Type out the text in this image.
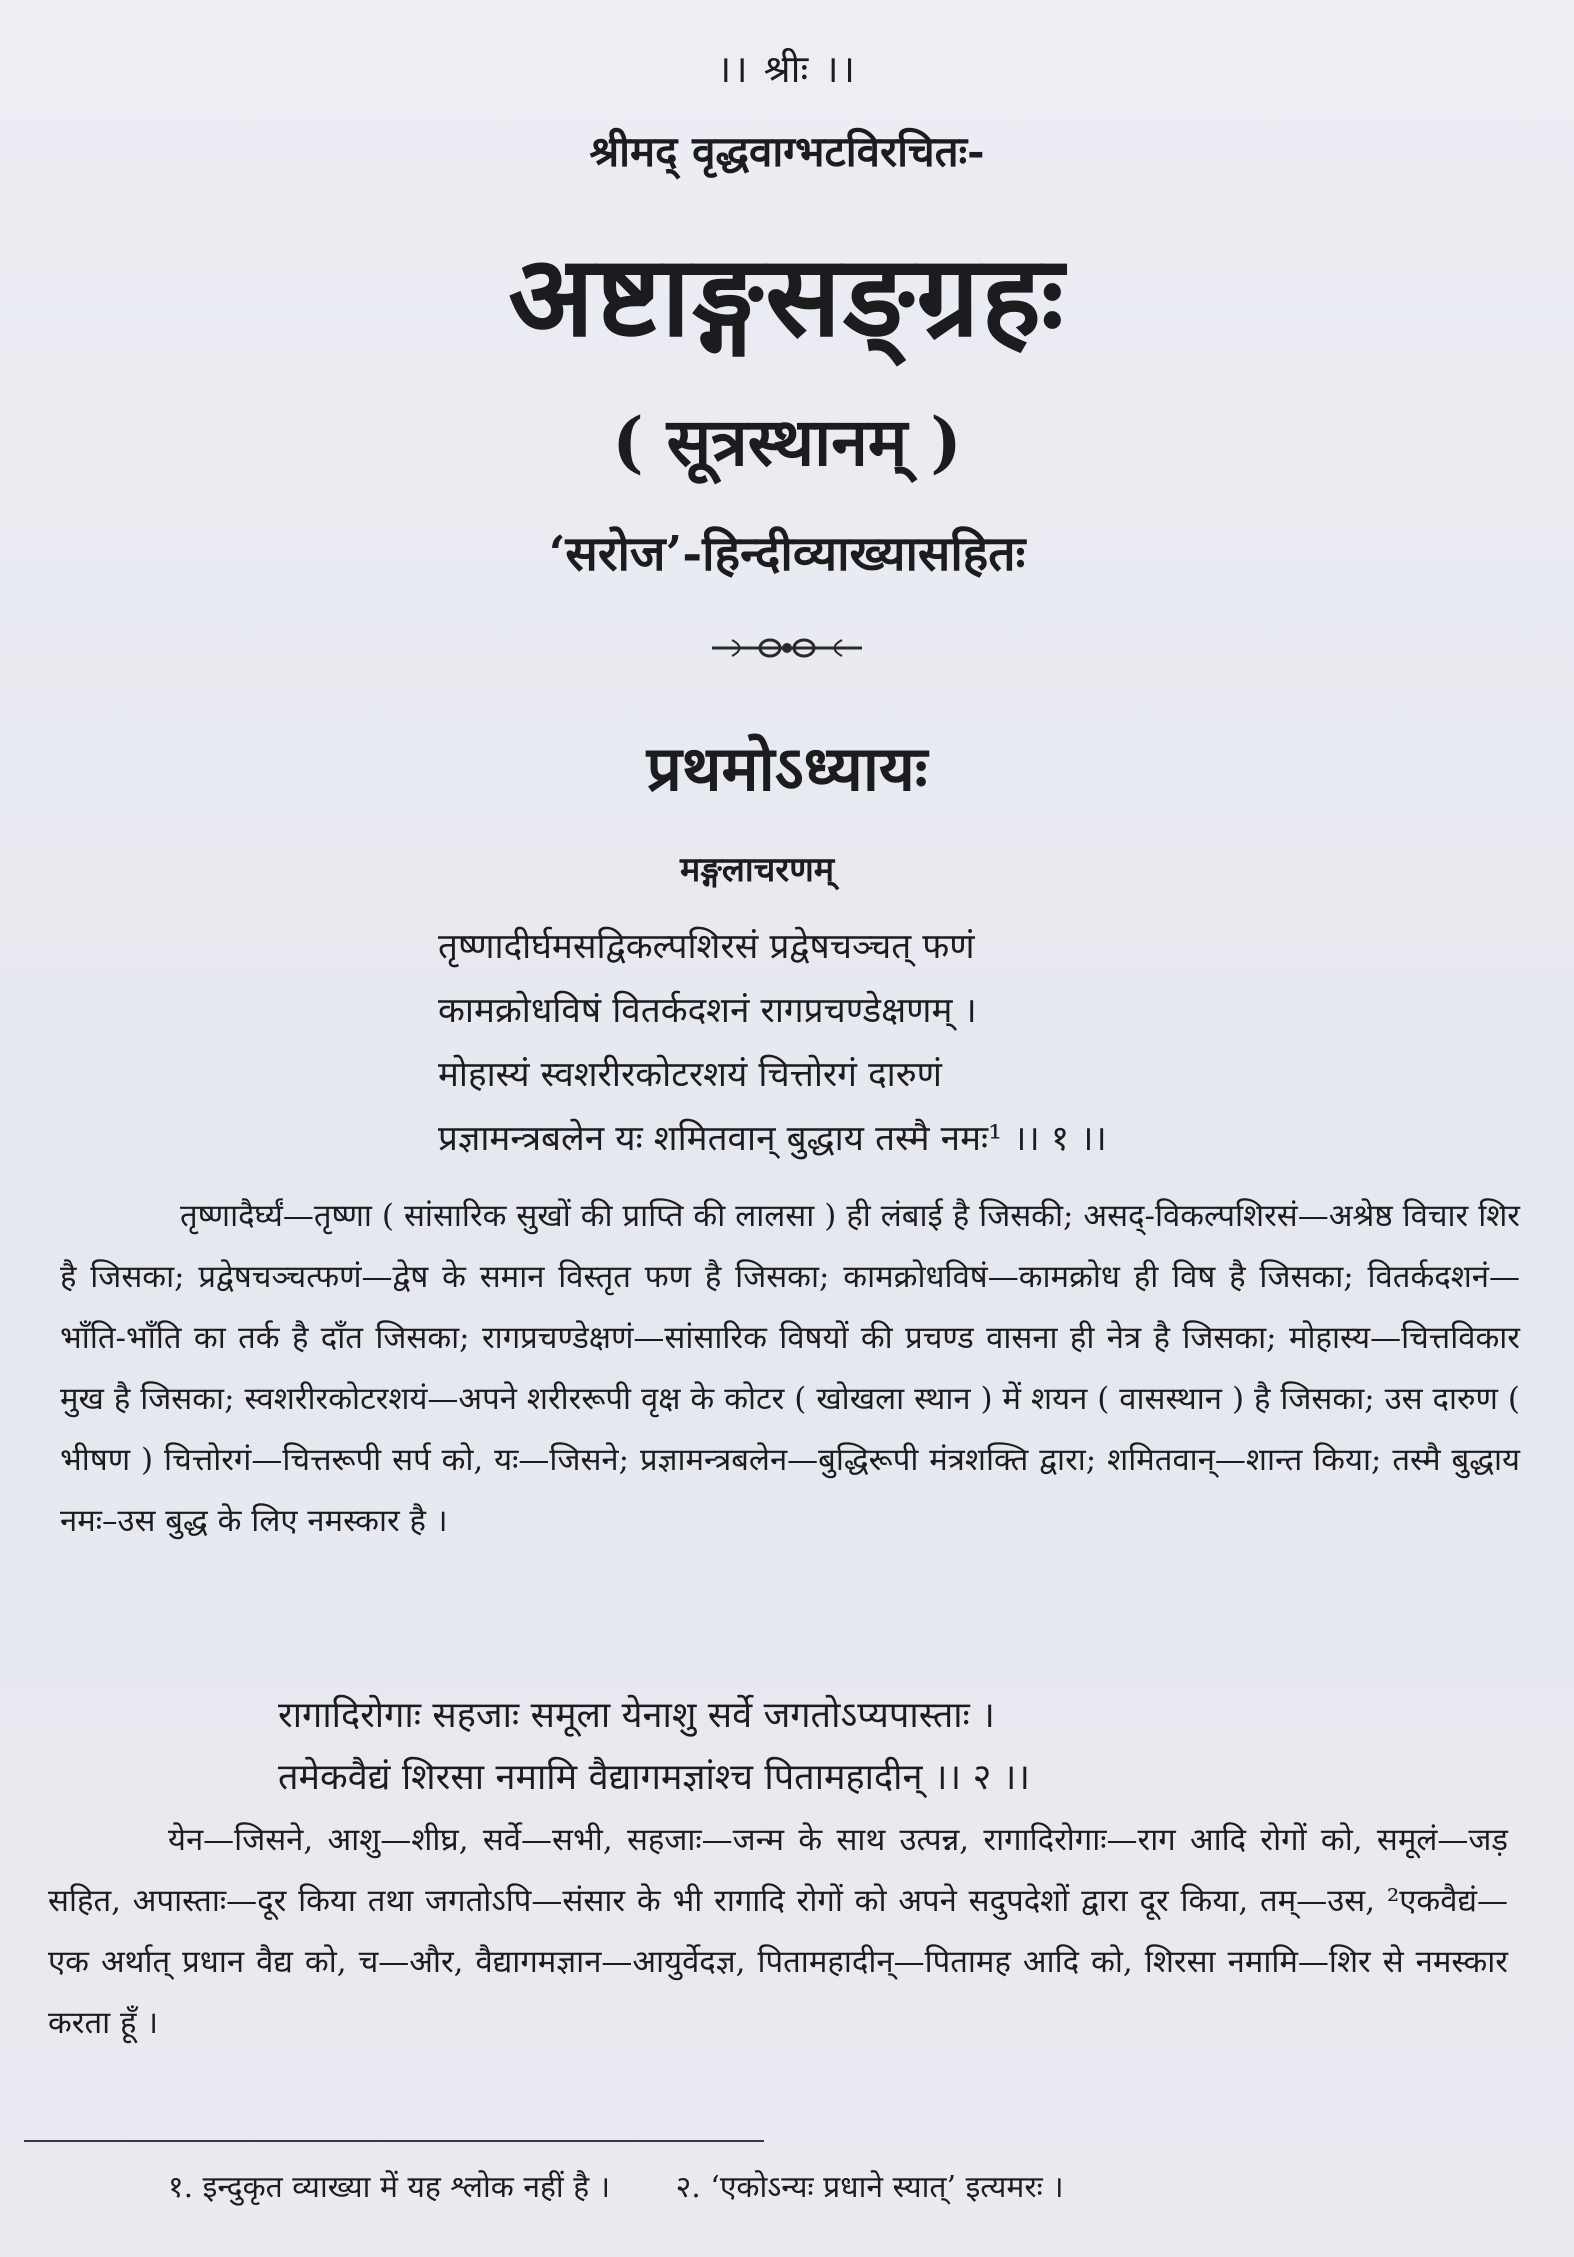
।। श्रीः ।।
श्रीमद् वृद्धवाग्भटविरचितः-
अष्टाङ्गसङ्ग्रहः
( सूत्रस्थानम् )
‘सरोज’-हिन्दीव्याख्यासहितः
प्रथमोऽध्यायः
मङ्गलाचरणम्
तृष्णादीर्घमसद्विकल्पशिरसं प्रद्वेषचञ्चत् फणं
कामक्रोधविषं वितर्कदशनं रागप्रचण्डेक्षणम् ।
मोहास्यं स्वशरीरकोटरशयं चित्तोरगं दारुणं
प्रज्ञामन्त्रबलेन यः शमितवान् बुद्धाय तस्मै नमः¹ ।। १ ।।
तृष्णादैर्घ्यं—तृष्णा ( सांसारिक सुखों की प्राप्ति की लालसा ) ही लंबाई है जिसकी; असद्-विकल्पशिरसं—अश्रेष्ठ विचार शिर है जिसका; प्रद्वेषचञ्चत्फणं—द्वेष के समान विस्तृत फण है जिसका; कामक्रोधविषं—कामक्रोध ही विष है जिसका; वितर्कदशनं—भाँति-भाँति का तर्क है दाँत जिसका; रागप्रचण्डेक्षणं—सांसारिक विषयों की प्रचण्ड वासना ही नेत्र है जिसका; मोहास्य—चित्तविकार मुख है जिसका; स्वशरीरकोटरशयं—अपने शरीररूपी वृक्ष के कोटर ( खोखला स्थान ) में शयन ( वासस्थान ) है जिसका; उस दारुण ( भीषण ) चित्तोरगं—चित्तरूपी सर्प को, यः—जिसने; प्रज्ञामन्त्रबलेन—बुद्धिरूपी मंत्रशक्ति द्वारा; शमितवान्—शान्त किया; तस्मै बुद्धाय नमः–उस बुद्ध के लिए नमस्कार है ।
रागादिरोगाः सहजाः समूला येनाशु सर्वे जगतोऽप्यपास्ताः ।
तमेकवैद्यं शिरसा नमामि वैद्यागमज्ञांश्च पितामहादीन् ।। २ ।।
येन—जिसने, आशु—शीघ्र, सर्वे—सभी, सहजाः—जन्म के साथ उत्पन्न, रागादिरोगाः—राग आदि रोगों को, समूलं—जड़ सहित, अपास्ताः—दूर किया तथा जगतोऽपि—संसार के भी रागादि रोगों को अपने सदुपदेशों द्वारा दूर किया, तम्—उस, ²एकवैद्यं—एक अर्थात् प्रधान वैद्य को, च—और, वैद्यागमज्ञान—आयुर्वेदज्ञ, पितामहादीन्—पितामह आदि को, शिरसा नमामि—शिर से नमस्कार करता हूँ ।
१. इन्दुकृत व्याख्या में यह श्लोक नहीं है । २. ‘एकोऽन्यः प्रधाने स्यात्’ इत्यमरः ।
